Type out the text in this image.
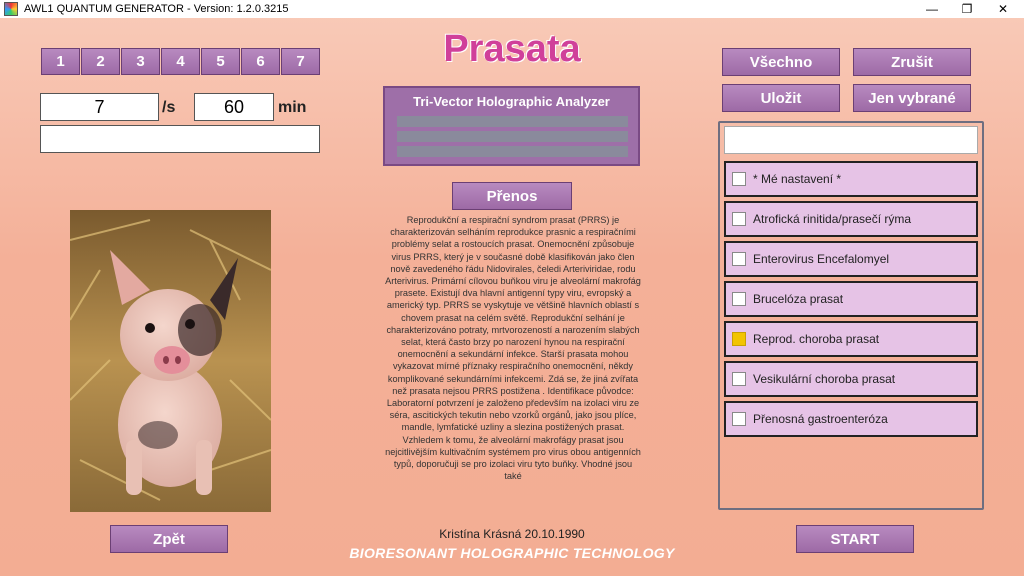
AWL1 QUANTUM GENERATOR - Version: 1.2.0.3215	—	❐	✕
Prasata
1	2	3	4	5	6	7
7	/s	60	min	Tri-Vector Holographic Analyzer
Přenos
Reprodukční a respirační syndrom prasat (PRRS) je charakterizován selháním reprodukce prasnic a respiračními problémy selat a rostoucích prasat. Onemocnění způsobuje virus PRRS, který je v současné době klasifikován jako člen nově zavedeného řádu Nidovirales, čeledi Arteriviridae, rodu Arterivirus. Primární cílovou buňkou viru je alveolární makrofág prasete. Existují dva hlavní antigenní typy viru, evropský a americký typ. PRRS se vyskytuje ve většině hlavních oblastí s chovem prasat na celém světě. Reprodukční selhání je charakterizováno potraty, mrtvorozeností a narozením slabých selat, která často brzy po narození hynou na respirační onemocnění a sekundární infekce. Starší prasata mohou vykazovat mírné příznaky respiračního onemocnění, někdy komplikované sekundárními infekcemi. Zdá se, že jiná zvířata než prasata nejsou PRRS postižena . Identifikace původce: Laboratorní potvrzení je založeno především na izolaci viru ze séra, ascitických tekutin nebo vzorků orgánů, jako jsou plíce, mandle, lymfatické uzliny a slezina postižených prasat. Vzhledem k tomu, že alveolární makrofágy prasat jsou nejcitlivějším kultivačním systémem pro virus obou antigenních typů, doporučuji se pro izolaci viru tyto buňky. Vhodné jsou také
Zpět	Kristína Krásná 20.10.1990
BIORESONANT HOLOGRAPHIC TECHNOLOGY
Všechno	Zrušit
Uložit	Jen vybrané
* Mé nastavení *
Atrofická rinitida/prasečí rýma
Enterovirus Encefalomyel
Brucelóza prasat
Reprod. choroba prasat
Vesikulární choroba prasat
Přenosná gastroenteróza
START
